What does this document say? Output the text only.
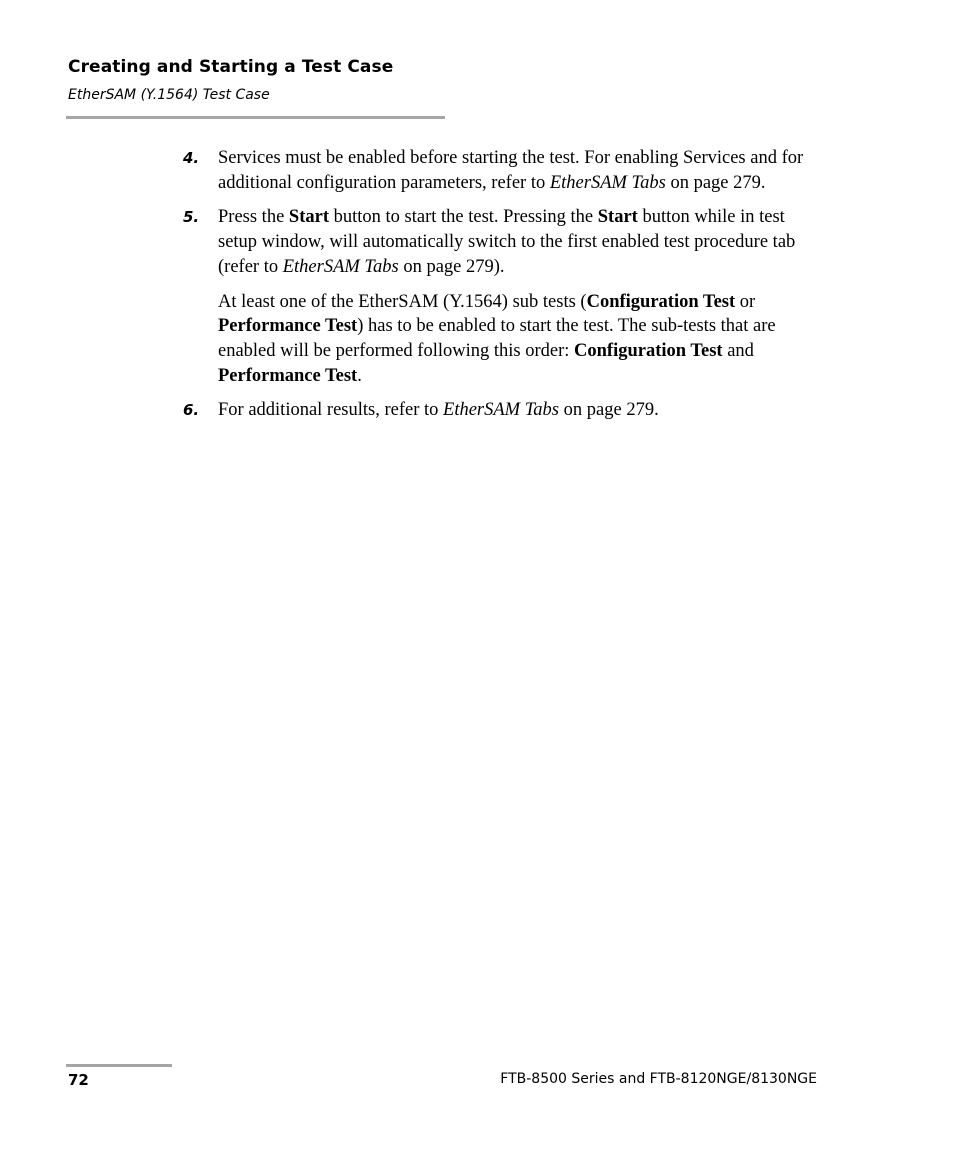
Creating and Starting a Test Case
EtherSAM (Y.1564) Test Case
4. Services must be enabled before starting the test. For enabling Services and for additional configuration parameters, refer to EtherSAM Tabs on page 279.

5. Press the Start button to start the test. Pressing the Start button while in test setup window, will automatically switch to the first enabled test procedure tab (refer to EtherSAM Tabs on page 279).

At least one of the EtherSAM (Y.1564) sub tests (Configuration Test or Performance Test) has to be enabled to start the test. The sub-tests that are enabled will be performed following this order: Configuration Test and Performance Test.

6. For additional results, refer to EtherSAM Tabs on page 279.

72	FTB-8500 Series and FTB-8120NGE/8130NGE
